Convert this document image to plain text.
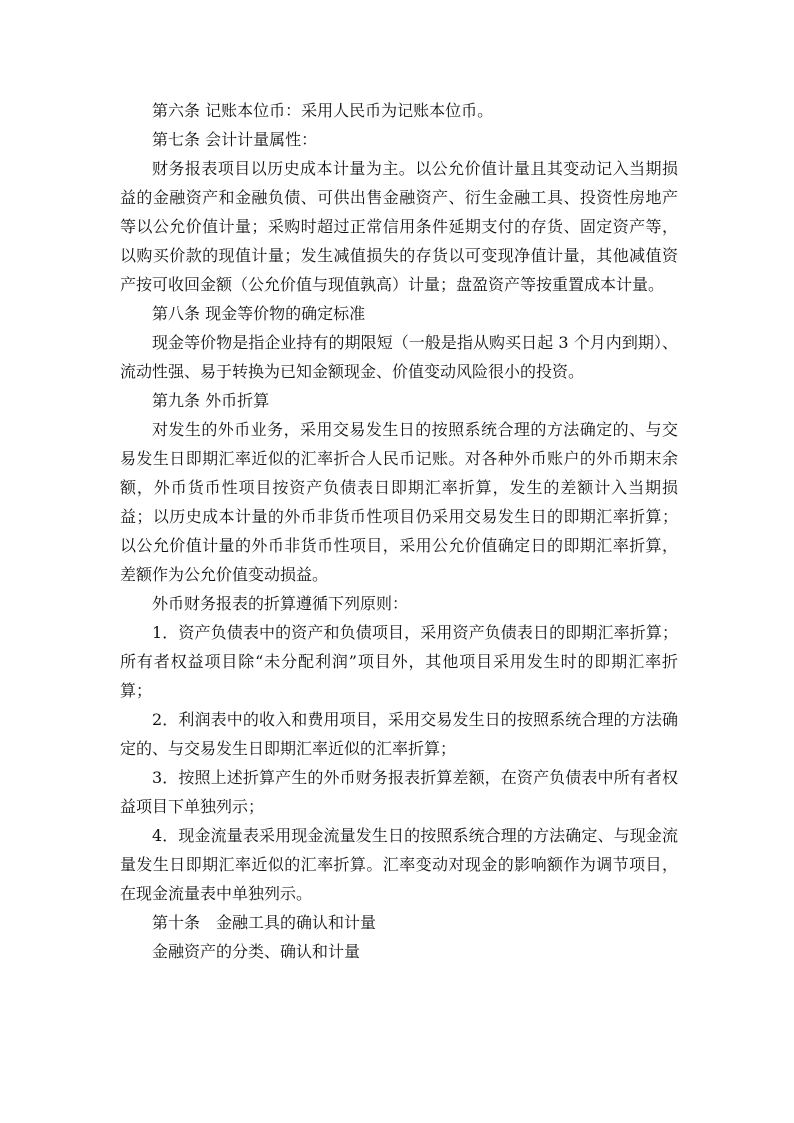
第六条 记账本位币：采用人民币为记账本位币。

第七条 会计计量属性：

财务报表项目以历史成本计量为主。以公允价值计量且其变动记入当期损益的金融资产和金融负债、可供出售金融资产、衍生金融工具、投资性房地产等以公允价值计量；采购时超过正常信用条件延期支付的存货、固定资产等，以购买价款的现值计量；发生减值损失的存货以可变现净值计量，其他减值资产按可收回金额（公允价值与现值孰高）计量；盘盈资产等按重置成本计量。

第八条 现金等价物的确定标准

现金等价物是指企业持有的期限短（一般是指从购买日起 3 个月内到期）、流动性强、易于转换为已知金额现金、价值变动风险很小的投资。

第九条 外币折算

对发生的外币业务，采用交易发生日的按照系统合理的方法确定的、与交易发生日即期汇率近似的汇率折合人民币记账。对各种外币账户的外币期末余额，外币货币性项目按资产负债表日即期汇率折算，发生的差额计入当期损益；以历史成本计量的外币非货币性项目仍采用交易发生日的即期汇率折算；以公允价值计量的外币非货币性项目，采用公允价值确定日的即期汇率折算，差额作为公允价值变动损益。

外币财务报表的折算遵循下列原则：

1．资产负债表中的资产和负债项目，采用资产负债表日的即期汇率折算；所有者权益项目除“未分配利润”项目外，其他项目采用发生时的即期汇率折算；

2．利润表中的收入和费用项目，采用交易发生日的按照系统合理的方法确定的、与交易发生日即期汇率近似的汇率折算；

3．按照上述折算产生的外币财务报表折算差额，在资产负债表中所有者权益项目下单独列示；

4．现金流量表采用现金流量发生日的按照系统合理的方法确定、与现金流量发生日即期汇率近似的汇率折算。汇率变动对现金的影响额作为调节项目，在现金流量表中单独列示。

第十条　金融工具的确认和计量

金融资产的分类、确认和计量
